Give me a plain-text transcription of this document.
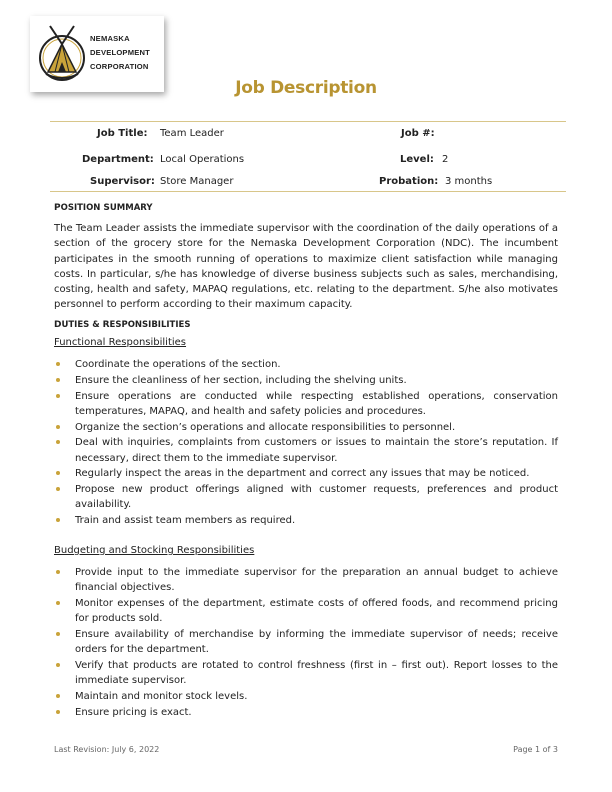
NEMASKA
DEVELOPMENT
CORPORATION
Job Description
Job Title: Team Leader	Job #:
Department: Local Operations	Level: 2
Supervisor: Store Manager	Probation: 3 months
POSITION SUMMARY
The Team Leader assists the immediate supervisor with the coordination of the daily operations of a section of the grocery store for the Nemaska Development Corporation (NDC). The incumbent participates in the smooth running of operations to maximize client satisfaction while managing costs. In particular, s/he has knowledge of diverse business subjects such as sales, merchandising, costing, health and safety, MAPAQ regulations, etc. relating to the department. S/he also motivates personnel to perform according to their maximum capacity.
DUTIES & RESPONSIBILITIES
Functional Responsibilities
Coordinate the operations of the section.
Ensure the cleanliness of her section, including the shelving units.
Ensure operations are conducted while respecting established operations, conservation temperatures, MAPAQ, and health and safety policies and procedures.
Organize the section’s operations and allocate responsibilities to personnel.
Deal with inquiries, complaints from customers or issues to maintain the store’s reputation. If necessary, direct them to the immediate supervisor.
Regularly inspect the areas in the department and correct any issues that may be noticed.
Propose new product offerings aligned with customer requests, preferences and product availability.
Train and assist team members as required.
Budgeting and Stocking Responsibilities
Provide input to the immediate supervisor for the preparation an annual budget to achieve financial objectives.
Monitor expenses of the department, estimate costs of offered foods, and recommend pricing for products sold.
Ensure availability of merchandise by informing the immediate supervisor of needs; receive orders for the department.
Verify that products are rotated to control freshness (first in – first out). Report losses to the immediate supervisor.
Maintain and monitor stock levels.
Ensure pricing is exact.
Last Revision: July 6, 2022	Page 1 of 3
